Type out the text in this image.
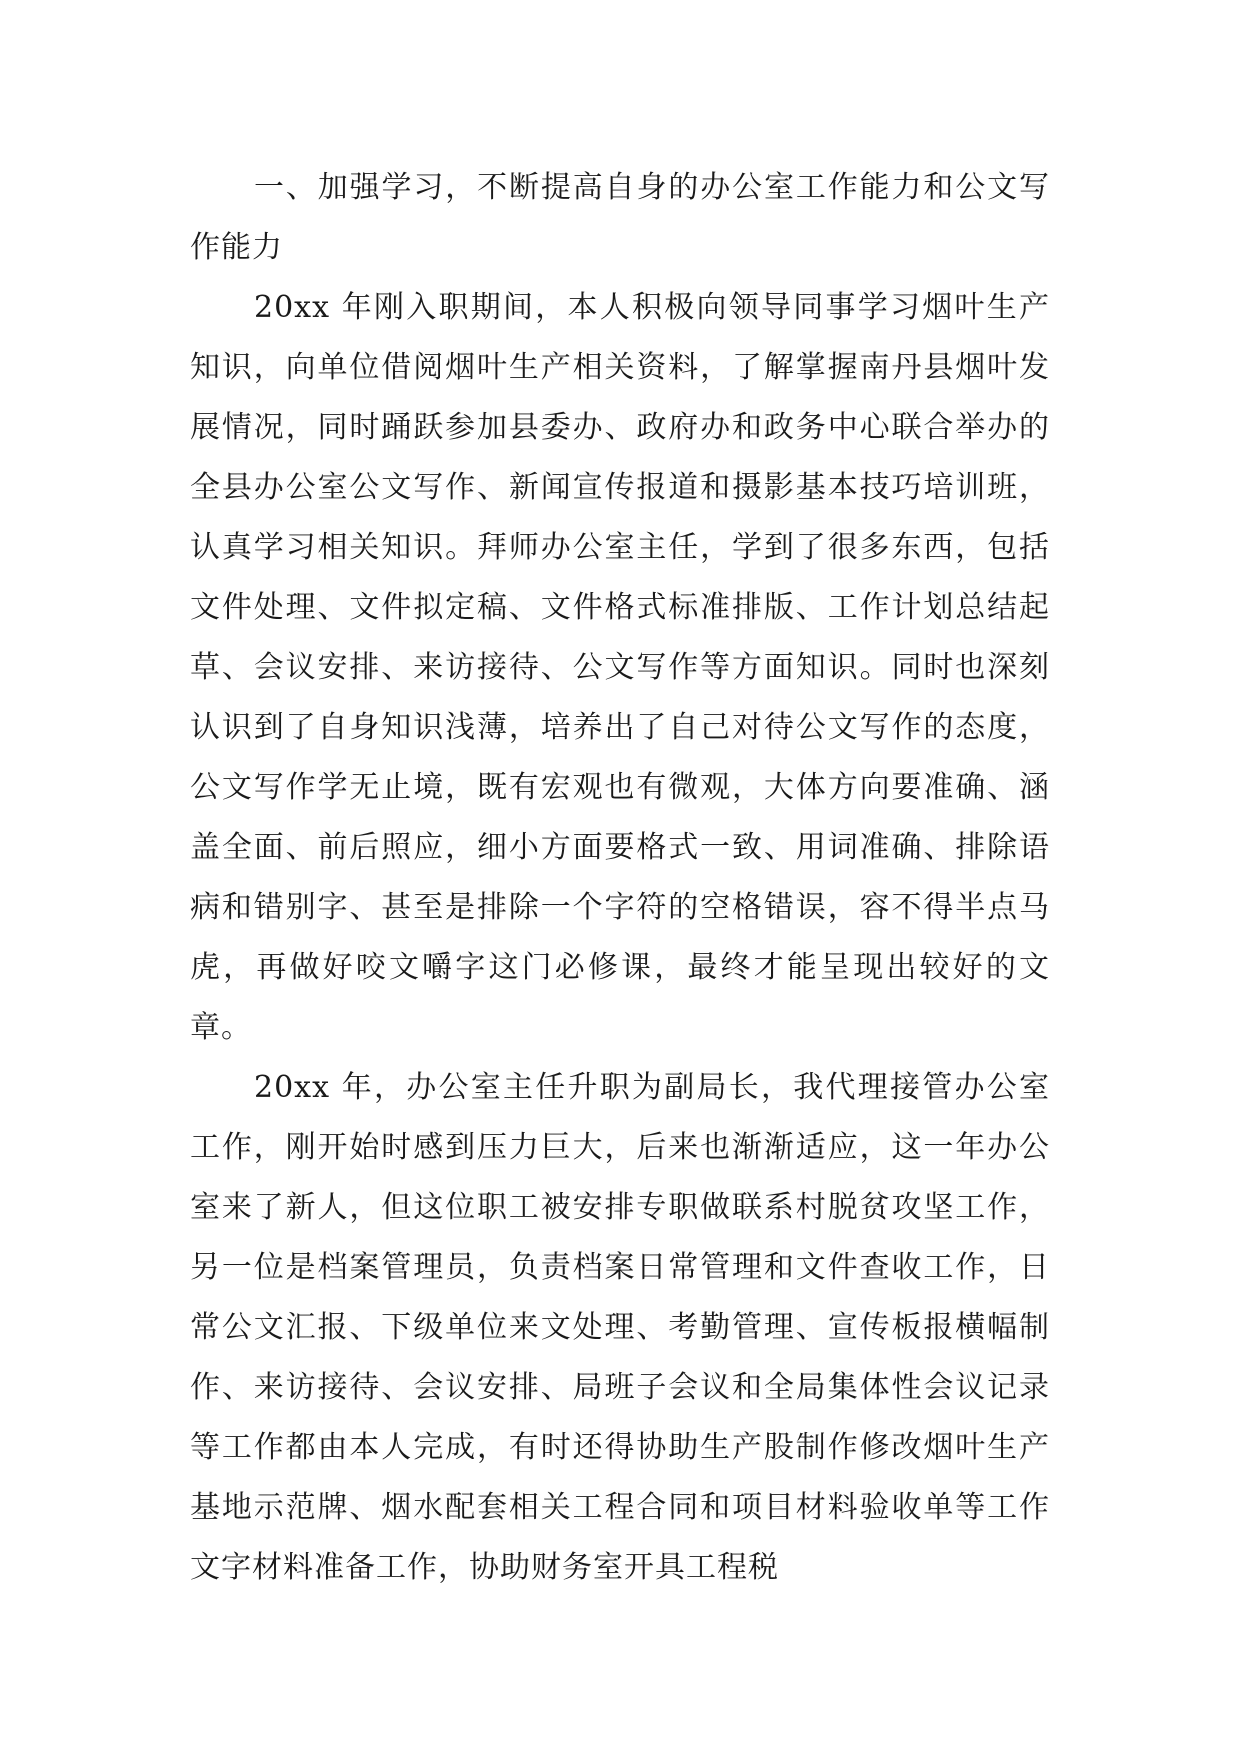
一、加强学习，不断提高自身的办公室工作能力和公文写作能力

20xx 年刚入职期间，本人积极向领导同事学习烟叶生产知识，向单位借阅烟叶生产相关资料，了解掌握南丹县烟叶发展情况，同时踊跃参加县委办、政府办和政务中心联合举办的全县办公室公文写作、新闻宣传报道和摄影基本技巧培训班，认真学习相关知识。拜师办公室主任，学到了很多东西，包括文件处理、文件拟定稿、文件格式标准排版、工作计划总结起草、会议安排、来访接待、公文写作等方面知识。同时也深刻认识到了自身知识浅薄，培养出了自己对待公文写作的态度，公文写作学无止境，既有宏观也有微观，大体方向要准确、涵盖全面、前后照应，细小方面要格式一致、用词准确、排除语病和错别字、甚至是排除一个字符的空格错误，容不得半点马虎，再做好咬文嚼字这门必修课，最终才能呈现出较好的文章。

20xx 年，办公室主任升职为副局长，我代理接管办公室工作，刚开始时感到压力巨大，后来也渐渐适应，这一年办公室来了新人，但这位职工被安排专职做联系村脱贫攻坚工作，另一位是档案管理员，负责档案日常管理和文件查收工作，日常公文汇报、下级单位来文处理、考勤管理、宣传板报横幅制作、来访接待、会议安排、局班子会议和全局集体性会议记录等工作都由本人完成，有时还得协助生产股制作修改烟叶生产基地示范牌、烟水配套相关工程合同和项目材料验收单等工作文字材料准备工作，协助财务室开具工程税
